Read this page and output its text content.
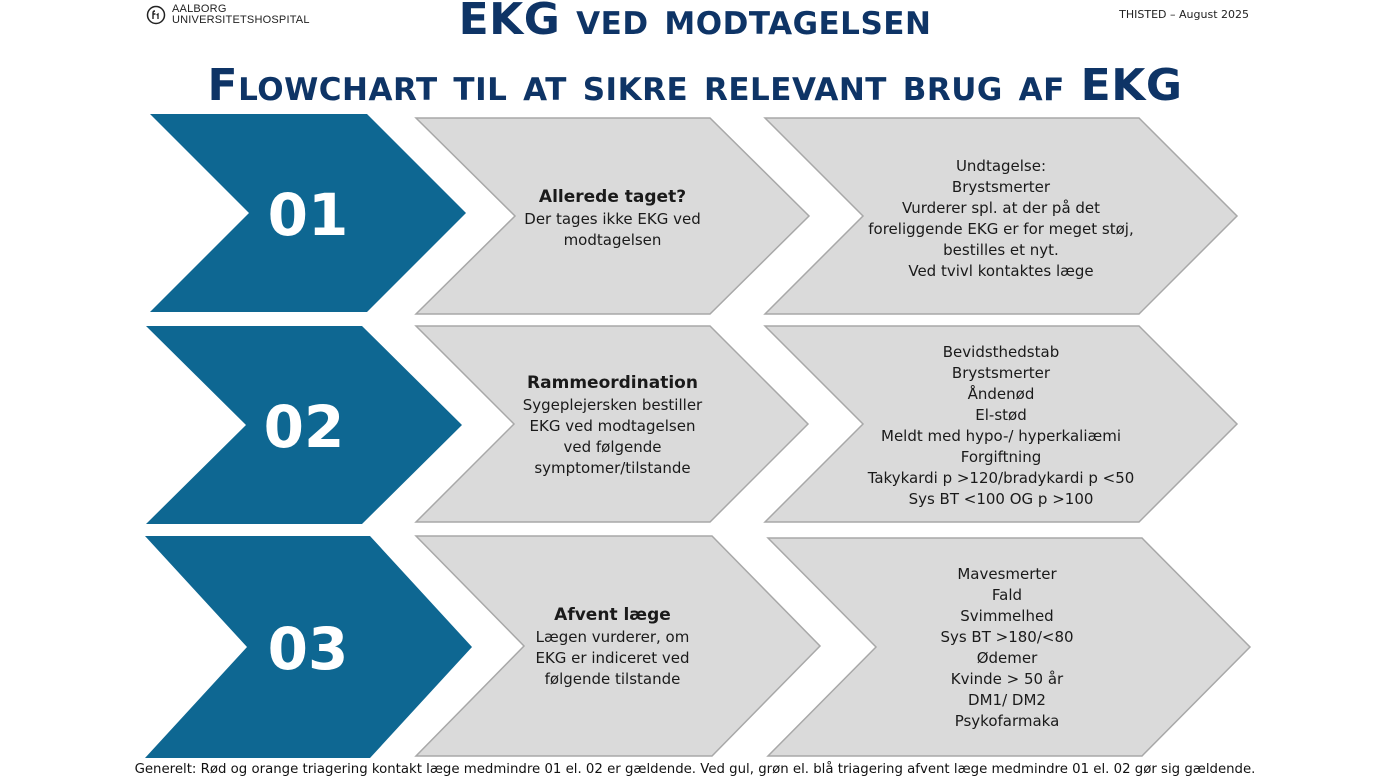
AALBORG
UNIVERSITETSHOSPITAL	THISTED – August 2025
EKG ved modtagelsen
Flowchart til at sikre relevant brug af EKG
01
02
03
Allerede taget?
Der tages ikke EKG ved
modtagelsen
Rammeordination
Sygeplejersken bestiller
EKG ved modtagelsen
ved følgende
symptomer/tilstande
Afvent læge
Lægen vurderer, om
EKG er indiceret ved
følgende tilstande
Undtagelse:
Brystsmerter
Vurderer spl. at der på det
foreliggende EKG er for meget støj,
bestilles et nyt.
Ved tvivl kontaktes læge
Bevidsthedstab
Brystsmerter
Åndenød
El-stød
Meldt med hypo-/ hyperkaliæmi
Forgiftning
Takykardi p >120/bradykardi p <50
Sys BT <100 OG p >100
Mavesmerter
Fald
Svimmelhed
Sys BT >180/<80
Ødemer
Kvinde > 50 år
DM1/ DM2
Psykofarmaka
Generelt: Rød og orange triagering kontakt læge medmindre 01 el. 02 er gældende. Ved gul, grøn el. blå triagering afvent læge medmindre 01 el. 02 gør sig gældende.
